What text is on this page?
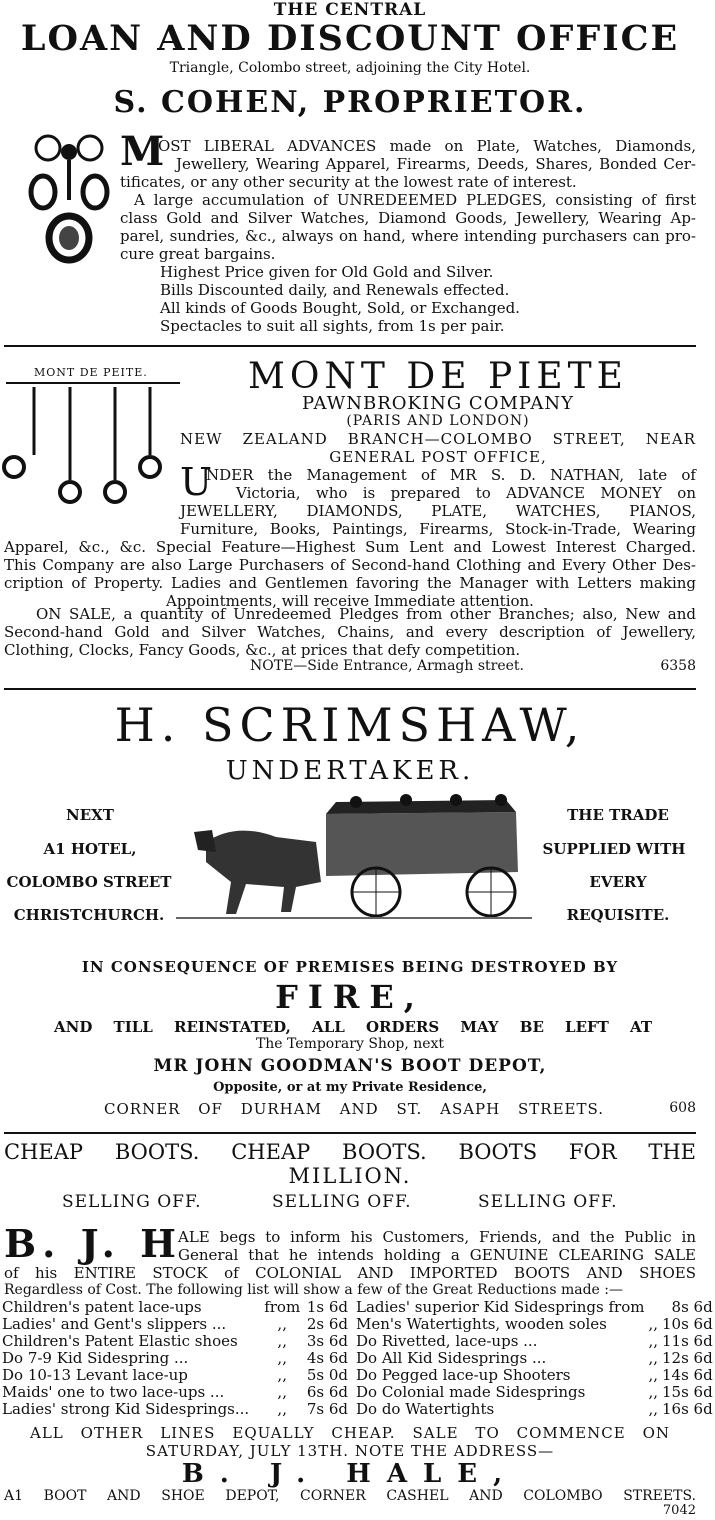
THE CENTRAL
LOAN AND DISCOUNT OFFICE
Triangle, Colombo street, adjoining the City Hotel.
S. COHEN, PROPRIETOR.
M
OST LIBERAL ADVANCES made on Plate, Watches, Diamonds,
Jewellery, Wearing Apparel, Firearms, Deeds, Shares, Bonded Cer-
tificates, or any other security at the lowest rate of interest.
A large accumulation of UNREDEEMED PLEDGES, consisting of first
class Gold and Silver Watches, Diamond Goods, Jewellery, Wearing Ap-
parel, sundries, &c., always on hand, where intending purchasers can pro-
cure great bargains.
Highest Price given for Old Gold and Silver.
Bills Discounted daily, and Renewals effected.
All kinds of Goods Bought, Sold, or Exchanged.
Spectacles to suit all sights, from 1s per pair.
MONT DE PEITE.	MONT DE PIETE
PAWNBROKING COMPANY
(PARIS AND LONDON)
NEW ZEALAND BRANCH—COLOMBO STREET, NEAR
GENERAL POST OFFICE,
U
NDER the Management of MR S. D. NATHAN, late of
Victoria, who is prepared to ADVANCE MONEY on
JEWELLERY, DIAMONDS, PLATE, WATCHES, PIANOS,
Furniture, Books, Paintings, Firearms, Stock-in-Trade, Wearing
Apparel, &c., &c. Special Feature—Highest Sum Lent and Lowest Interest Charged.
This Company are also Large Purchasers of Second-hand Clothing and Every Other Des-
cription of Property. Ladies and Gentlemen favoring the Manager with Letters making
Appointments, will receive Immediate attention.
ON SALE, a quantity of Unredeemed Pledges from other Branches; also, New and
Second-hand Gold and Silver Watches, Chains, and every description of Jewellery,
Clothing, Clocks, Fancy Goods, &c., at prices that defy competition.
NOTE—Side Entrance, Armagh street.	6358
H. SCRIMSHAW,
UNDERTAKER.
NEXT
A1 HOTEL,
COLOMBO STREET
CHRISTCHURCH.
THE TRADE
SUPPLIED WITH
EVERY
REQUISITE.
IN CONSEQUENCE OF PREMISES BEING DESTROYED BY
FIRE,
AND TILL REINSTATED, ALL ORDERS MAY BE LEFT AT
The Temporary Shop, next
MR JOHN GOODMAN'S BOOT DEPOT,
Opposite, or at my Private Residence,
CORNER OF DURHAM AND ST. ASAPH STREETS.	608
CHEAP BOOTS. CHEAP BOOTS. BOOTS FOR THE
MILLION.
SELLING OFF.	SELLING OFF.	SELLING OFF.
B. J. H
ALE begs to inform his Customers, Friends, and the Public in
General that he intends holding a GENUINE CLEARING SALE
of his ENTIRE STOCK of COLONIAL AND IMPORTED BOOTS AND SHOES
Regardless of Cost. The following list will show a few of the Great Reductions made :—
Children's patent lace-ups	from	1s 6d
Ladies' and Gent's slippers ...	,,	2s 6d
Children's Patent Elastic shoes	,,	3s 6d
Do 7-9 Kid Sidespring ...	,,	4s 6d
Do 10-13 Levant lace-up	,,	5s 0d
Maids' one to two lace-ups ...	,,	6s 6d
Ladies' strong Kid Sidesprings...	,,	7s 6d
Ladies' superior Kid Sidesprings from		8s 6d
Men's Watertights, wooden soles	,,	10s 6d
Do Rivetted, lace-ups ...	,,	11s 6d
Do All Kid Sidesprings ...	,,	12s 6d
Do Pegged lace-up Shooters	,,	14s 6d
Do Colonial made Sidesprings	,,	15s 6d
Do do Watertights	,,	16s 6d
ALL OTHER LINES EQUALLY CHEAP. SALE TO COMMENCE ON
SATURDAY, JULY 13TH. NOTE THE ADDRESS—
B. J. HALE,
A1 BOOT AND SHOE DEPOT, CORNER CASHEL AND COLOMBO STREETS.
7042
